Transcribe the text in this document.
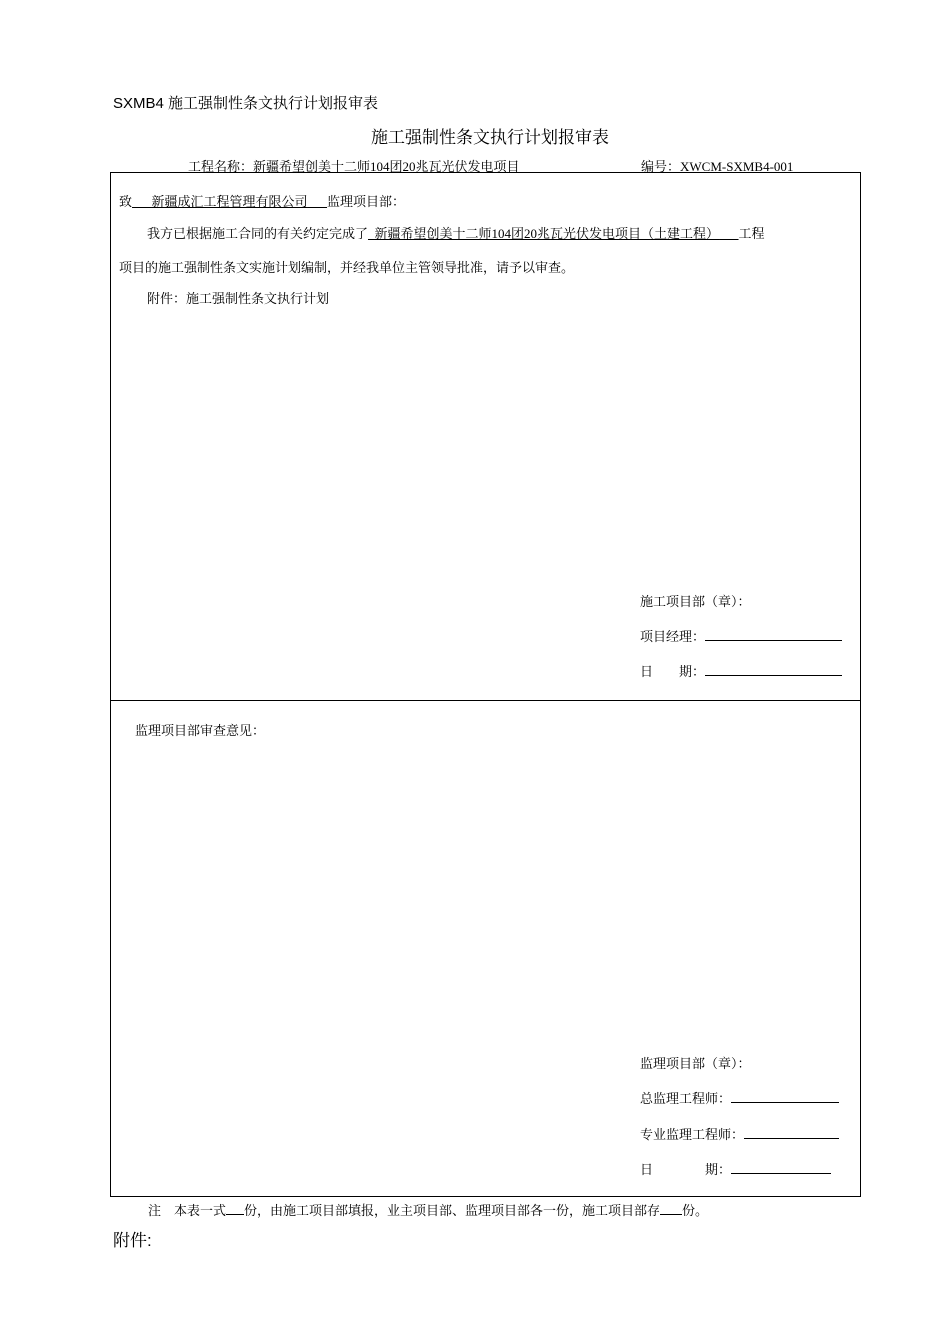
SXMB4 施工强制性条文执行计划报审表
施工强制性条文执行计划报审表
工程名称：新疆希望创美十二师104团20兆瓦光伏发电项目	编号：XWCM-SXMB4-001
致   新疆成汇工程管理有限公司   监理项目部：
我方已根据施工合同的有关约定完成了  新疆希望创美十二师104团20兆瓦光伏发电项目（土建工程）   工程
项目的施工强制性条文实施计划编制，并经我单位主管领导批准，请予以审查。
附件：施工强制性条文执行计划
施工项目部（章）：
项目经理：
日　　期：
监理项目部审查意见：
监理项目部（章）：
总监理工程师：
专业监理工程师：
日　　　　期：
注　本表一式 份，由施工项目部填报，业主项目部、监理项目部各一份，施工项目部存 份。
附件:
